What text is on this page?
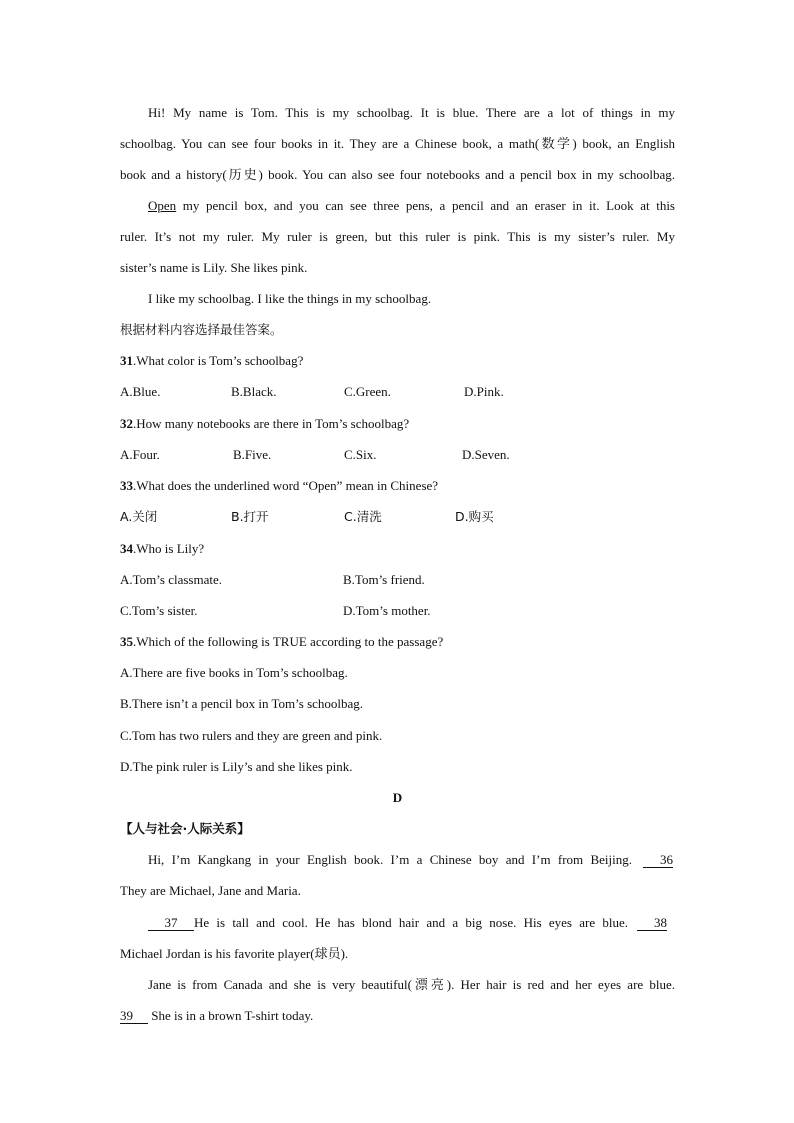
Hi! My name is Tom. This is my schoolbag. It is blue. There are a lot of things in my
schoolbag. You can see four books in it. They are a Chinese book, a math(数学) book, an English
book and a history(历史) book. You can also see four notebooks and a pencil box in my schoolbag.
Open my pencil box, and you can see three pens, a pencil and an eraser in it. Look at this
ruler. It’s not my ruler. My ruler is green, but this ruler is pink. This is my sister’s ruler. My
sister’s name is Lily. She likes pink.
I like my schoolbag. I like the things in my schoolbag.
根据材料内容选择最佳答案。
31.What color is Tom’s schoolbag?
A.Blue.	B.Black.	C.Green.	D.Pink.
32.How many notebooks are there in Tom’s schoolbag?
A.Four.	B.Five.	C.Six.	D.Seven.
33.What does the underlined word “Open” mean in Chinese?
A.关闭	B.打开	C.清洗	D.购买
34.Who is Lily?
A.Tom’s classmate.	B.Tom’s friend.
C.Tom’s sister.	D.Tom’s mother.
35.Which of the following is TRUE according to the passage?
A.There are five books in Tom’s schoolbag.
B.There isn’t a pencil box in Tom’s schoolbag.
C.Tom has two rulers and they are green and pink.
D.The pink ruler is Lily’s and she likes pink.
D
【人与社会·人际关系】
Hi, I’m Kangkang in your English book. I’m a Chinese boy and I’m from Beijing. 36
They are Michael, Jane and Maria.
37He is tall and cool. He has blond hair and a big nose. His eyes are blue. 38
Michael Jordan is his favorite player(球员).
Jane is from Canada and she is very beautiful(漂亮). Her hair is red and her eyes are blue.
39 She is in a brown T-shirt today.
